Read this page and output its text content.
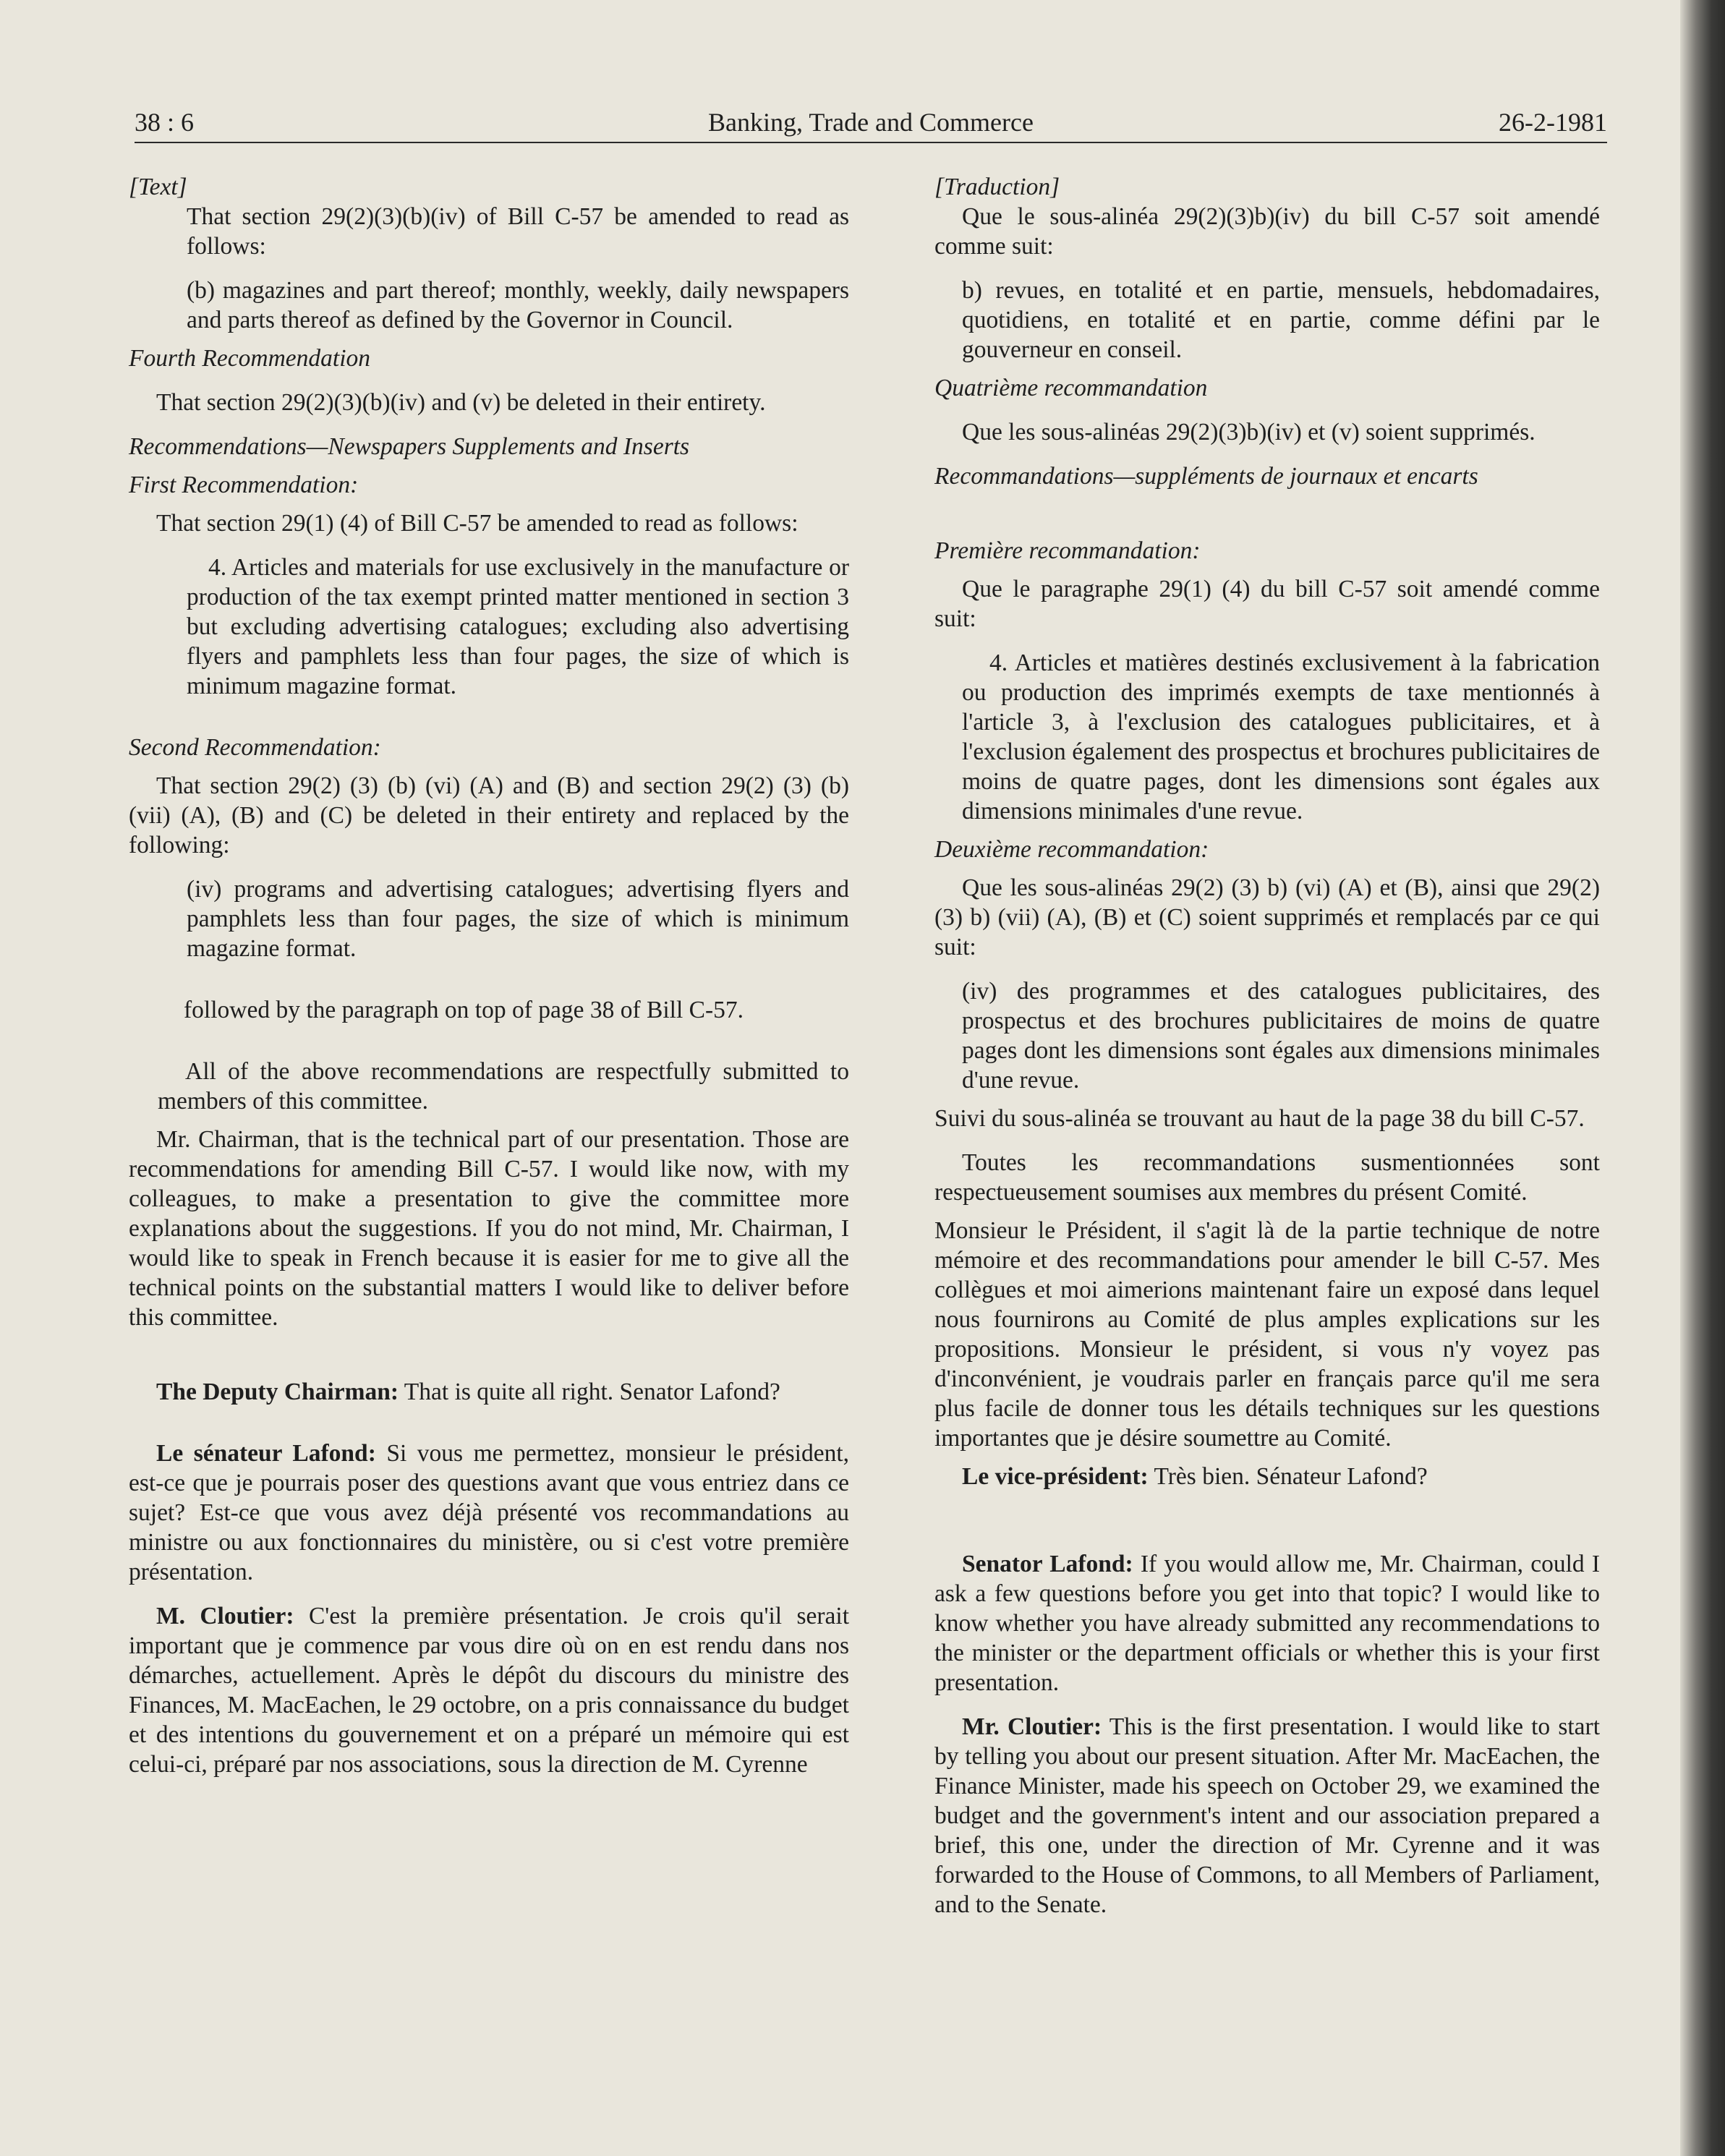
38 : 6	Banking, Trade and Commerce	26-2-1981

[Text]

That section 29(2)(3)(b)(iv) of Bill C-57 be amended to read as follows:

(b) magazines and part thereof; monthly, weekly, daily newspapers and parts thereof as defined by the Governor in Council.

Fourth Recommendation

That section 29(2)(3)(b)(iv) and (v) be deleted in their entirety.

Recommendations—Newspapers Supplements and Inserts

First Recommendation:

That section 29(1) (4) of Bill C-57 be amended to read as follows:

4. Articles and materials for use exclusively in the manufacture or production of the tax exempt printed matter mentioned in section 3 but excluding advertising catalogues; excluding also advertising flyers and pamphlets less than four pages, the size of which is minimum magazine format.

Second Recommendation:

That section 29(2) (3) (b) (vi) (A) and (B) and section 29(2) (3) (b) (vii) (A), (B) and (C) be deleted in their entirety and replaced by the following:

(iv) programs and advertising catalogues; advertising flyers and pamphlets less than four pages, the size of which is minimum magazine format.

followed by the paragraph on top of page 38 of Bill C-57.

All of the above recommendations are respectfully submitted to members of this committee.

Mr. Chairman, that is the technical part of our presentation. Those are recommendations for amending Bill C-57. I would like now, with my colleagues, to make a presentation to give the committee more explanations about the suggestions. If you do not mind, Mr. Chairman, I would like to speak in French because it is easier for me to give all the technical points on the substantial matters I would like to deliver before this committee.

The Deputy Chairman: That is quite all right. Senator Lafond?

Le sénateur Lafond: Si vous me permettez, monsieur le président, est-ce que je pourrais poser des questions avant que vous entriez dans ce sujet? Est-ce que vous avez déjà présenté vos recommandations au ministre ou aux fonctionnaires du ministère, ou si c'est votre première présentation.

M. Cloutier: C'est la première présentation. Je crois qu'il serait important que je commence par vous dire où on en est rendu dans nos démarches, actuellement. Après le dépôt du discours du ministre des Finances, M. MacEachen, le 29 octobre, on a pris connaissance du budget et des intentions du gouvernement et on a préparé un mémoire qui est celui-ci, préparé par nos associations, sous la direction de M. Cyrenne

[Traduction]

Que le sous-alinéa 29(2)(3)b)(iv) du bill C-57 soit amendé comme suit:

b) revues, en totalité et en partie, mensuels, hebdomadaires, quotidiens, en totalité et en partie, comme défini par le gouverneur en conseil.

Quatrième recommandation

Que les sous-alinéas 29(2)(3)b)(iv) et (v) soient supprimés.

Recommandations—suppléments de journaux et encarts

Première recommandation:

Que le paragraphe 29(1) (4) du bill C-57 soit amendé comme suit:

4. Articles et matières destinés exclusivement à la fabrication ou production des imprimés exempts de taxe mentionnés à l'article 3, à l'exclusion des catalogues publicitaires, et à l'exclusion également des prospectus et brochures publicitaires de moins de quatre pages, dont les dimensions sont égales aux dimensions minimales d'une revue.

Deuxième recommandation:

Que les sous-alinéas 29(2) (3) b) (vi) (A) et (B), ainsi que 29(2) (3) b) (vii) (A), (B) et (C) soient supprimés et remplacés par ce qui suit:

(iv) des programmes et des catalogues publicitaires, des prospectus et des brochures publicitaires de moins de quatre pages dont les dimensions sont égales aux dimensions minimales d'une revue.

Suivi du sous-alinéa se trouvant au haut de la page 38 du bill C-57.

Toutes les recommandations susmentionnées sont respectueusement soumises aux membres du présent Comité.

Monsieur le Président, il s'agit là de la partie technique de notre mémoire et des recommandations pour amender le bill C-57. Mes collègues et moi aimerions maintenant faire un exposé dans lequel nous fournirons au Comité de plus amples explications sur les propositions. Monsieur le président, si vous n'y voyez pas d'inconvénient, je voudrais parler en français parce qu'il me sera plus facile de donner tous les détails techniques sur les questions importantes que je désire soumettre au Comité.

Le vice-président: Très bien. Sénateur Lafond?

Senator Lafond: If you would allow me, Mr. Chairman, could I ask a few questions before you get into that topic? I would like to know whether you have already submitted any recommendations to the minister or the department officials or whether this is your first presentation.

Mr. Cloutier: This is the first presentation. I would like to start by telling you about our present situation. After Mr. MacEachen, the Finance Minister, made his speech on October 29, we examined the budget and the government's intent and our association prepared a brief, this one, under the direction of Mr. Cyrenne and it was forwarded to the House of Commons, to all Members of Parliament, and to the Senate.
